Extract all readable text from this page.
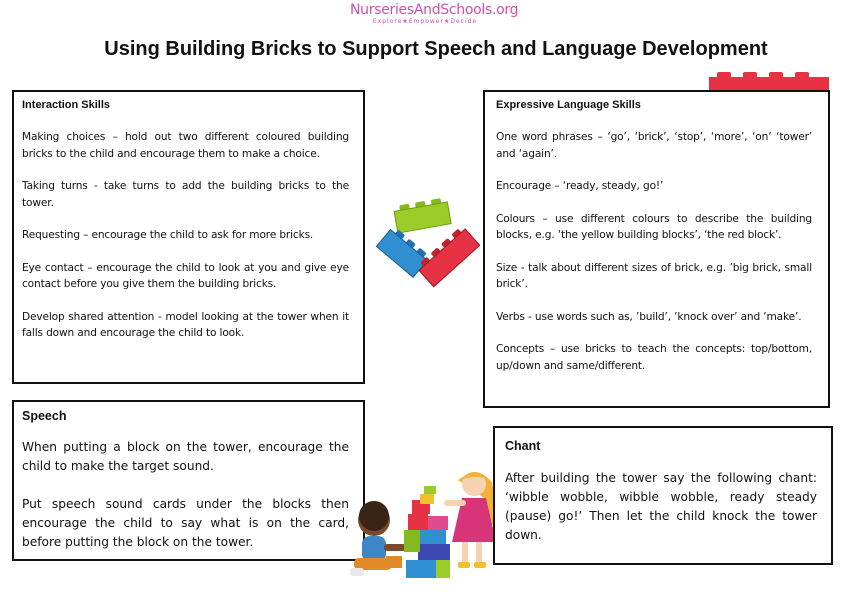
NurseriesAndSchools.org
Explore★Empower★Decide
Using Building Bricks to Support Speech and Language Development
Interaction Skills

Making choices – hold out two different coloured building bricks to the child and encourage them to make a choice.

Taking turns - take turns to add the building bricks to the tower.

Requesting – encourage the child to ask for more bricks.

Eye contact – encourage the child to look at you and give eye contact before you give them the building bricks.

Develop shared attention - model looking at the tower when it falls down and encourage the child to look.

Expressive Language Skills

One word phrases – ‘go’, ‘brick’, ‘stop’, ‘more’, ‘on’ ‘tower’ and ‘again’.

Encourage – ‘ready, steady, go!’

Colours – use different colours to describe the building blocks, e.g. ‘the yellow building blocks’, ‘the red block’.

Size - talk about different sizes of brick, e.g. ’big brick, small brick’.

Verbs - use words such as, ’build’, ’knock over’ and ’make’.

Concepts – use bricks to teach the concepts: top/bottom, up/down and same/different.

Speech

When putting a block on the tower, encourage the child to make the target sound.

Put speech sound cards under the blocks then encourage the child to say what is on the card, before putting the block on the tower.

Chant

After building the tower say the following chant: ‘wibble wobble, wibble wobble, ready steady (pause) go!’ Then let the child knock the tower down.
